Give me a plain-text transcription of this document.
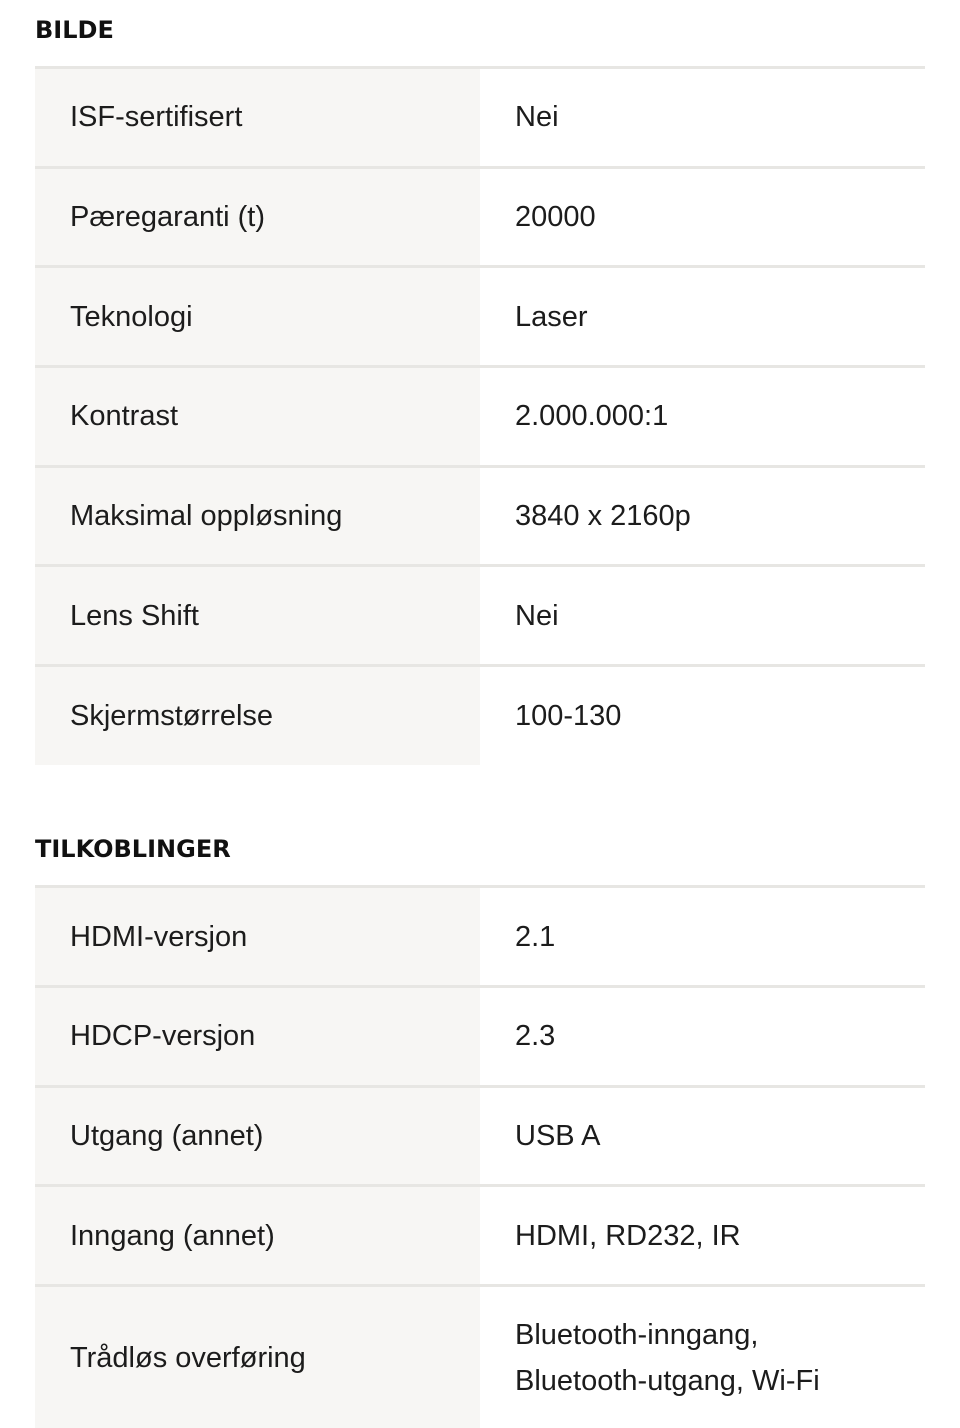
BILDE
ISF-sertifisert	Nei
Pæregaranti (t)	20000
Teknologi	Laser
Kontrast	2.000.000:1
Maksimal oppløsning	3840 x 2160p
Lens Shift	Nei
Skjermstørrelse	100-130
TILKOBLINGER
HDMI-versjon	2.1
HDCP-versjon	2.3
Utgang (annet)	USB A
Inngang (annet)	HDMI, RD232, IR
Trådløs overføring	Bluetooth-inngang, Bluetooth-utgang, Wi-Fi
